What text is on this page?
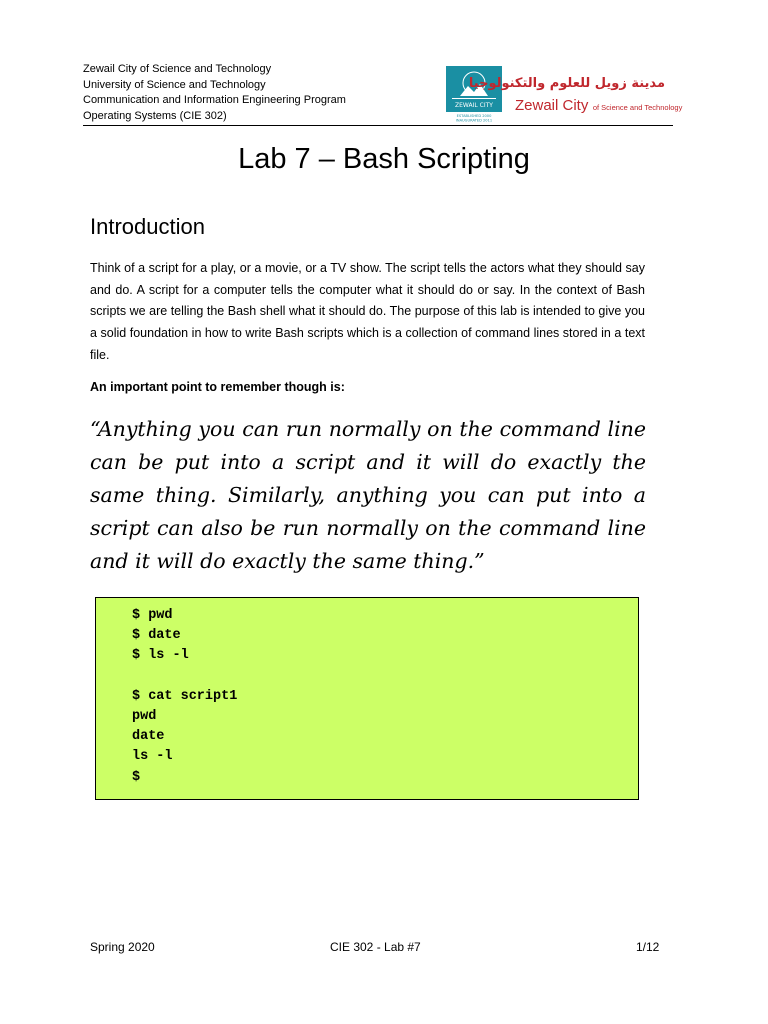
Zewail City of Science and Technology
University of Science and Technology
Communication and Information Engineering Program
Operating Systems (CIE 302)
ZEWAIL CITY
ESTABLISHED 2000
INAUGURATED 2011
مدينة زويل للعلوم والتكنولوجيا
Zewail City of Science and Technology
Lab 7 – Bash Scripting
Introduction
Think of a script for a play, or a movie, or a TV show. The script tells the actors what they should say and do. A script for a computer tells the computer what it should do or say. In the context of Bash scripts we are telling the Bash shell what it should do. The purpose of this lab is intended to give you a solid foundation in how to write Bash scripts which is a collection of command lines stored in a text file.
An important point to remember though is:
“Anything you can run normally on the command line can be put into a script and it will do exactly the same thing. Similarly, anything you can put into a script can also be run normally on the command line and it will do exactly the same thing.”
$ pwd
$ date
$ ls -l

$ cat script1
pwd
date
ls -l
$
Spring 2020	CIE 302 - Lab #7	1/12
